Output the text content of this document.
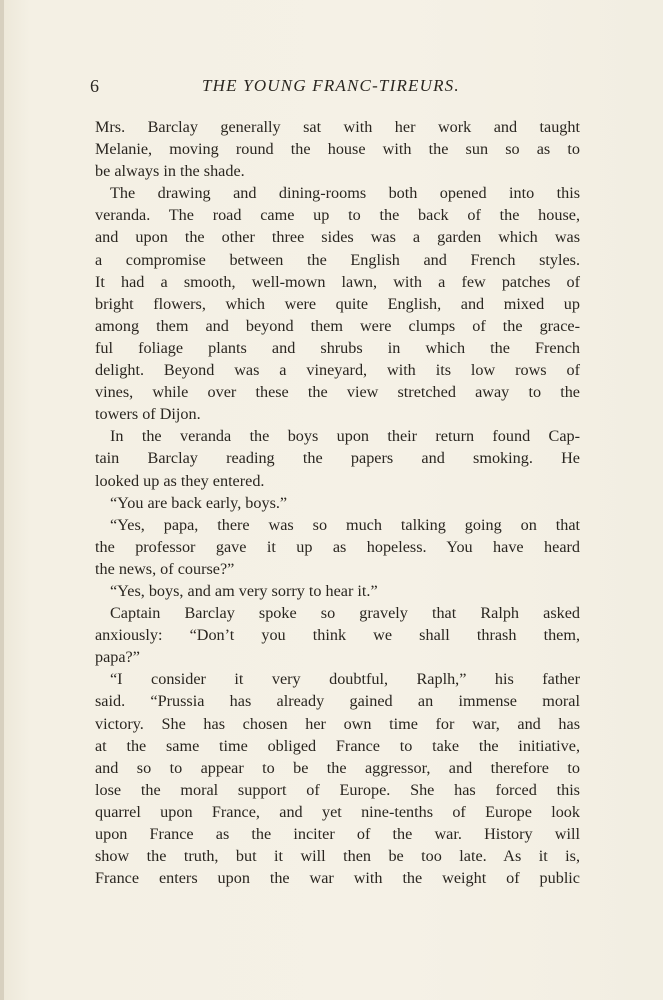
6	THE YOUNG FRANC-TIREURS.
Mrs. Barclay generally sat with her work and taught
Melanie, moving round the house with the sun so as to
be always in the shade.
The drawing and dining-rooms both opened into this
veranda. The road came up to the back of the house,
and upon the other three sides was a garden which was
a compromise between the English and French styles.
It had a smooth, well-mown lawn, with a few patches of
bright flowers, which were quite English, and mixed up
among them and beyond them were clumps of the grace-
ful foliage plants and shrubs in which the French
delight. Beyond was a vineyard, with its low rows of
vines, while over these the view stretched away to the
towers of Dijon.
In the veranda the boys upon their return found Cap-
tain Barclay reading the papers and smoking. He
looked up as they entered.
“You are back early, boys.”
“Yes, papa, there was so much talking going on that
the professor gave it up as hopeless. You have heard
the news, of course?”
“Yes, boys, and am very sorry to hear it.”
Captain Barclay spoke so gravely that Ralph asked
anxiously: “Don’t you think we shall thrash them,
papa?”
“I consider it very doubtful, Raplh,” his father
said. “Prussia has already gained an immense moral
victory. She has chosen her own time for war, and has
at the same time obliged France to take the initiative,
and so to appear to be the aggressor, and therefore to
lose the moral support of Europe. She has forced this
quarrel upon France, and yet nine-tenths of Europe look
upon France as the inciter of the war. History will
show the truth, but it will then be too late. As it is,
France enters upon the war with the weight of public
